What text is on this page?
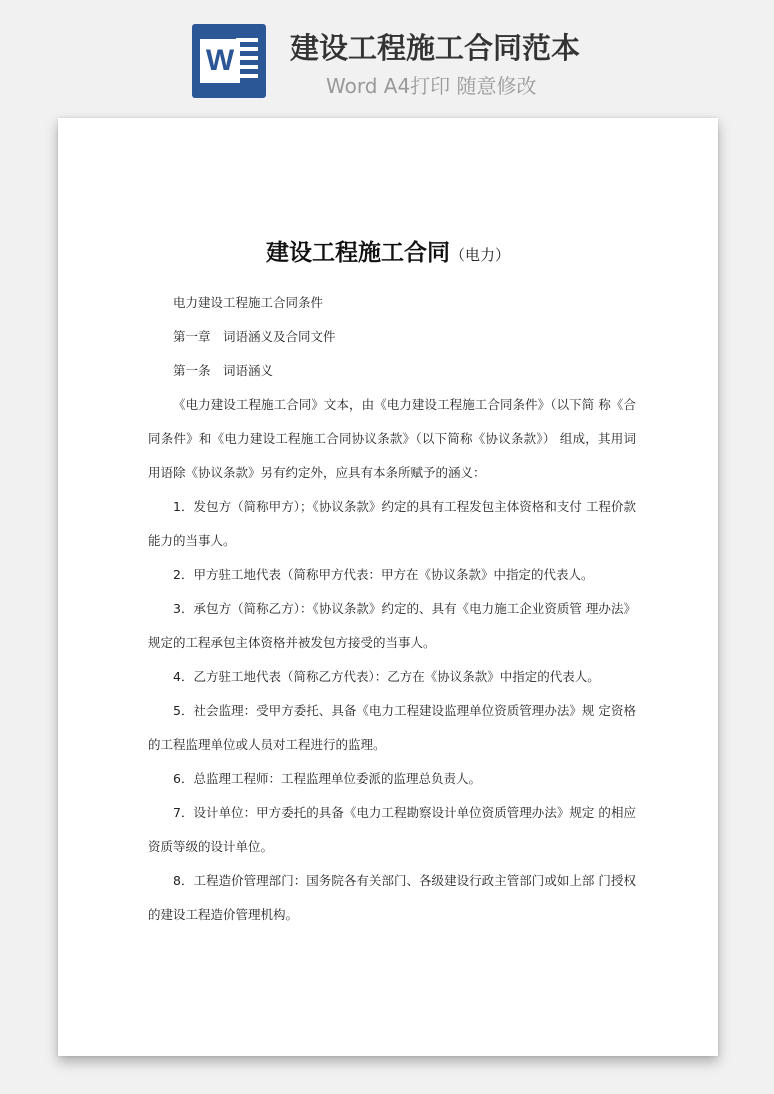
W 建设工程施工合同范本
Word A4打印 随意修改
建设工程施工合同（电力）

电力建设工程施工合同条件

第一章　词语涵义及合同文件

第一条　词语涵义

《电力建设工程施工合同》文本，由《电力建设工程施工合同条件》（以下简 称《合同条件》和《电力建设工程施工合同协议条款》（以下简称《协议条款》） 组成，其用词用语除《协议条款》另有约定外，应具有本条所赋予的涵义：

1．发包方（简称甲方）；《协议条款》约定的具有工程发包主体资格和支付 工程价款能力的当事人。

2．甲方驻工地代表（简称甲方代表：甲方在《协议条款》中指定的代表人。

3．承包方（简称乙方）：《协议条款》约定的、具有《电力施工企业资质管 理办法》规定的工程承包主体资格并被发包方接受的当事人。

4．乙方驻工地代表（简称乙方代表）：乙方在《协议条款》中指定的代表人。

5．社会监理：受甲方委托、具备《电力工程建设监理单位资质管理办法》规 定资格的工程监理单位或人员对工程进行的监理。

6．总监理工程师：工程监理单位委派的监理总负责人。

7．设计单位：甲方委托的具备《电力工程勘察设计单位资质管理办法》规定 的相应资质等级的设计单位。

8．工程造价管理部门：国务院各有关部门、各级建设行政主管部门或如上部 门授权的建设工程造价管理机构。
